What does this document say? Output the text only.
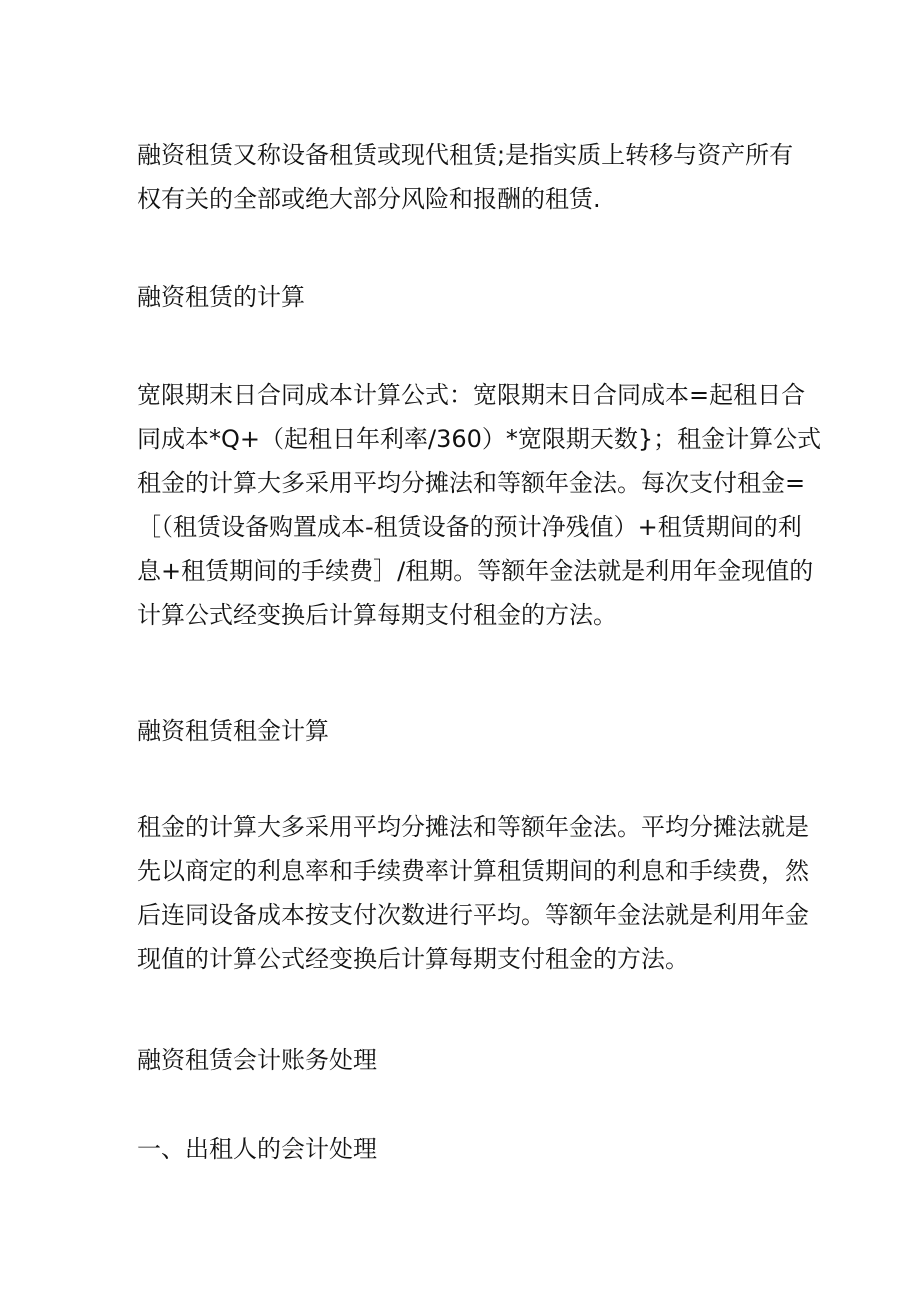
融资租赁又称设备租赁或现代租赁;是指实质上转移与资产所有
权有关的全部或绝大部分风险和报酬的租赁.

融资租赁的计算

宽限期末日合同成本计算公式：宽限期末日合同成本=起租日合
同成本*Q+（起租日年利率/360）*宽限期天数}；租金计算公式
租金的计算大多采用平均分摊法和等额年金法。每次支付租金=
［（租赁设备购置成本-租赁设备的预计净残值）+租赁期间的利
息+租赁期间的手续费］/租期。等额年金法就是利用年金现值的
计算公式经变换后计算每期支付租金的方法。

融资租赁租金计算

租金的计算大多采用平均分摊法和等额年金法。平均分摊法就是
先以商定的利息率和手续费率计算租赁期间的利息和手续费，然
后连同设备成本按支付次数进行平均。等额年金法就是利用年金
现值的计算公式经变换后计算每期支付租金的方法。

融资租赁会计账务处理

一、出租人的会计处理
